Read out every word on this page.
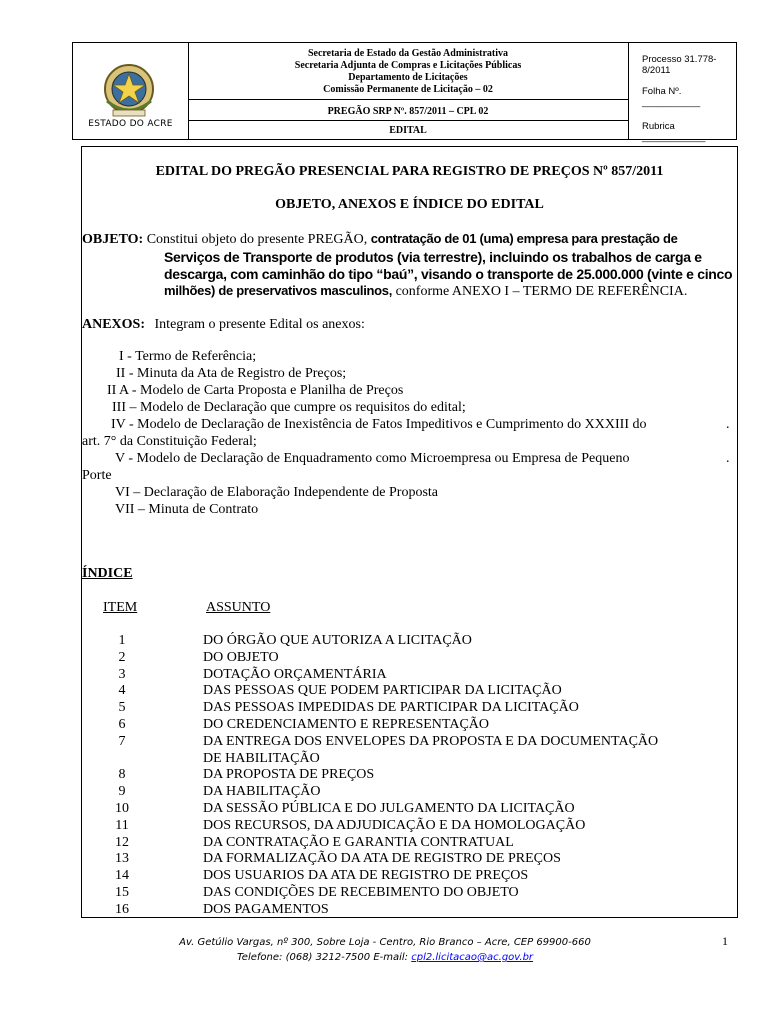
ESTADO DO ACRE
Secretaria de Estado da Gestão Administrativa
Secretaria Adjunta de Compras e Licitações Públicas
Departamento de Licitações
Comissão Permanente de Licitação – 02
PREGÃO SRP Nº. 857/2011 – CPL 02
EDITAL
Processo 31.778-8/2011
Folha Nº. ___________
Rubrica ____________
EDITAL DO PREGÃO PRESENCIAL PARA REGISTRO DE PREÇOS Nº 857/2011
OBJETO, ANEXOS E ÍNDICE DO EDITAL
OBJETO: Constitui objeto do presente PREGÃO, contratação de 01 (uma) empresa para prestação de
Serviços de Transporte de produtos (via terrestre), incluindo os trabalhos de carga e
descarga, com caminhão do tipo “baú”, visando o transporte de 25.000.000 (vinte e cinco
milhões) de preservativos masculinos, conforme ANEXO I – TERMO DE REFERÊNCIA.
ANEXOS: Integram o presente Edital os anexos:
I - Termo de Referência;
II - Minuta da Ata de Registro de Preços;
II A - Modelo de Carta Proposta e Planilha de Preços
III – Modelo de Declaração que cumpre os requisitos do edital;
IV - Modelo de Declaração de Inexistência de Fatos Impeditivos e Cumprimento do XXXIII do	.
art. 7° da Constituição Federal;
V - Modelo de Declaração de Enquadramento como Microempresa ou Empresa de Pequeno	.
Porte
VI – Declaração de Elaboração Independente de Proposta
VII – Minuta de Contrato
ÍNDICE
ITEM	ASSUNTO
1	DO ÓRGÃO QUE AUTORIZA A LICITAÇÃO
2	DO OBJETO
3	DOTAÇÃO ORÇAMENTÁRIA
4	DAS PESSOAS QUE PODEM PARTICIPAR DA LICITAÇÃO
5	DAS PESSOAS IMPEDIDAS DE PARTICIPAR DA LICITAÇÃO
6	DO CREDENCIAMENTO E REPRESENTAÇÃO
7	DA ENTREGA DOS ENVELOPES DA PROPOSTA E DA DOCUMENTAÇÃO
DE HABILITAÇÃO
8	DA PROPOSTA DE PREÇOS
9	DA HABILITAÇÃO
10	DA SESSÃO PÚBLICA E DO JULGAMENTO DA LICITAÇÃO
11	DOS RECURSOS, DA ADJUDICAÇÃO E DA HOMOLOGAÇÃO
12	DA CONTRATAÇÃO E GARANTIA CONTRATUAL
13	DA FORMALIZAÇÃO DA ATA DE REGISTRO DE PREÇOS
14	DOS USUARIOS DA ATA DE REGISTRO DE PREÇOS
15	DAS CONDIÇÕES DE RECEBIMENTO DO OBJETO
16	DOS PAGAMENTOS
Av. Getúlio Vargas, nº 300, Sobre Loja - Centro, Rio Branco – Acre, CEP 69900-660
Telefone: (068) 3212-7500 E-mail: cpl2.licitacao@ac.gov.br
1
